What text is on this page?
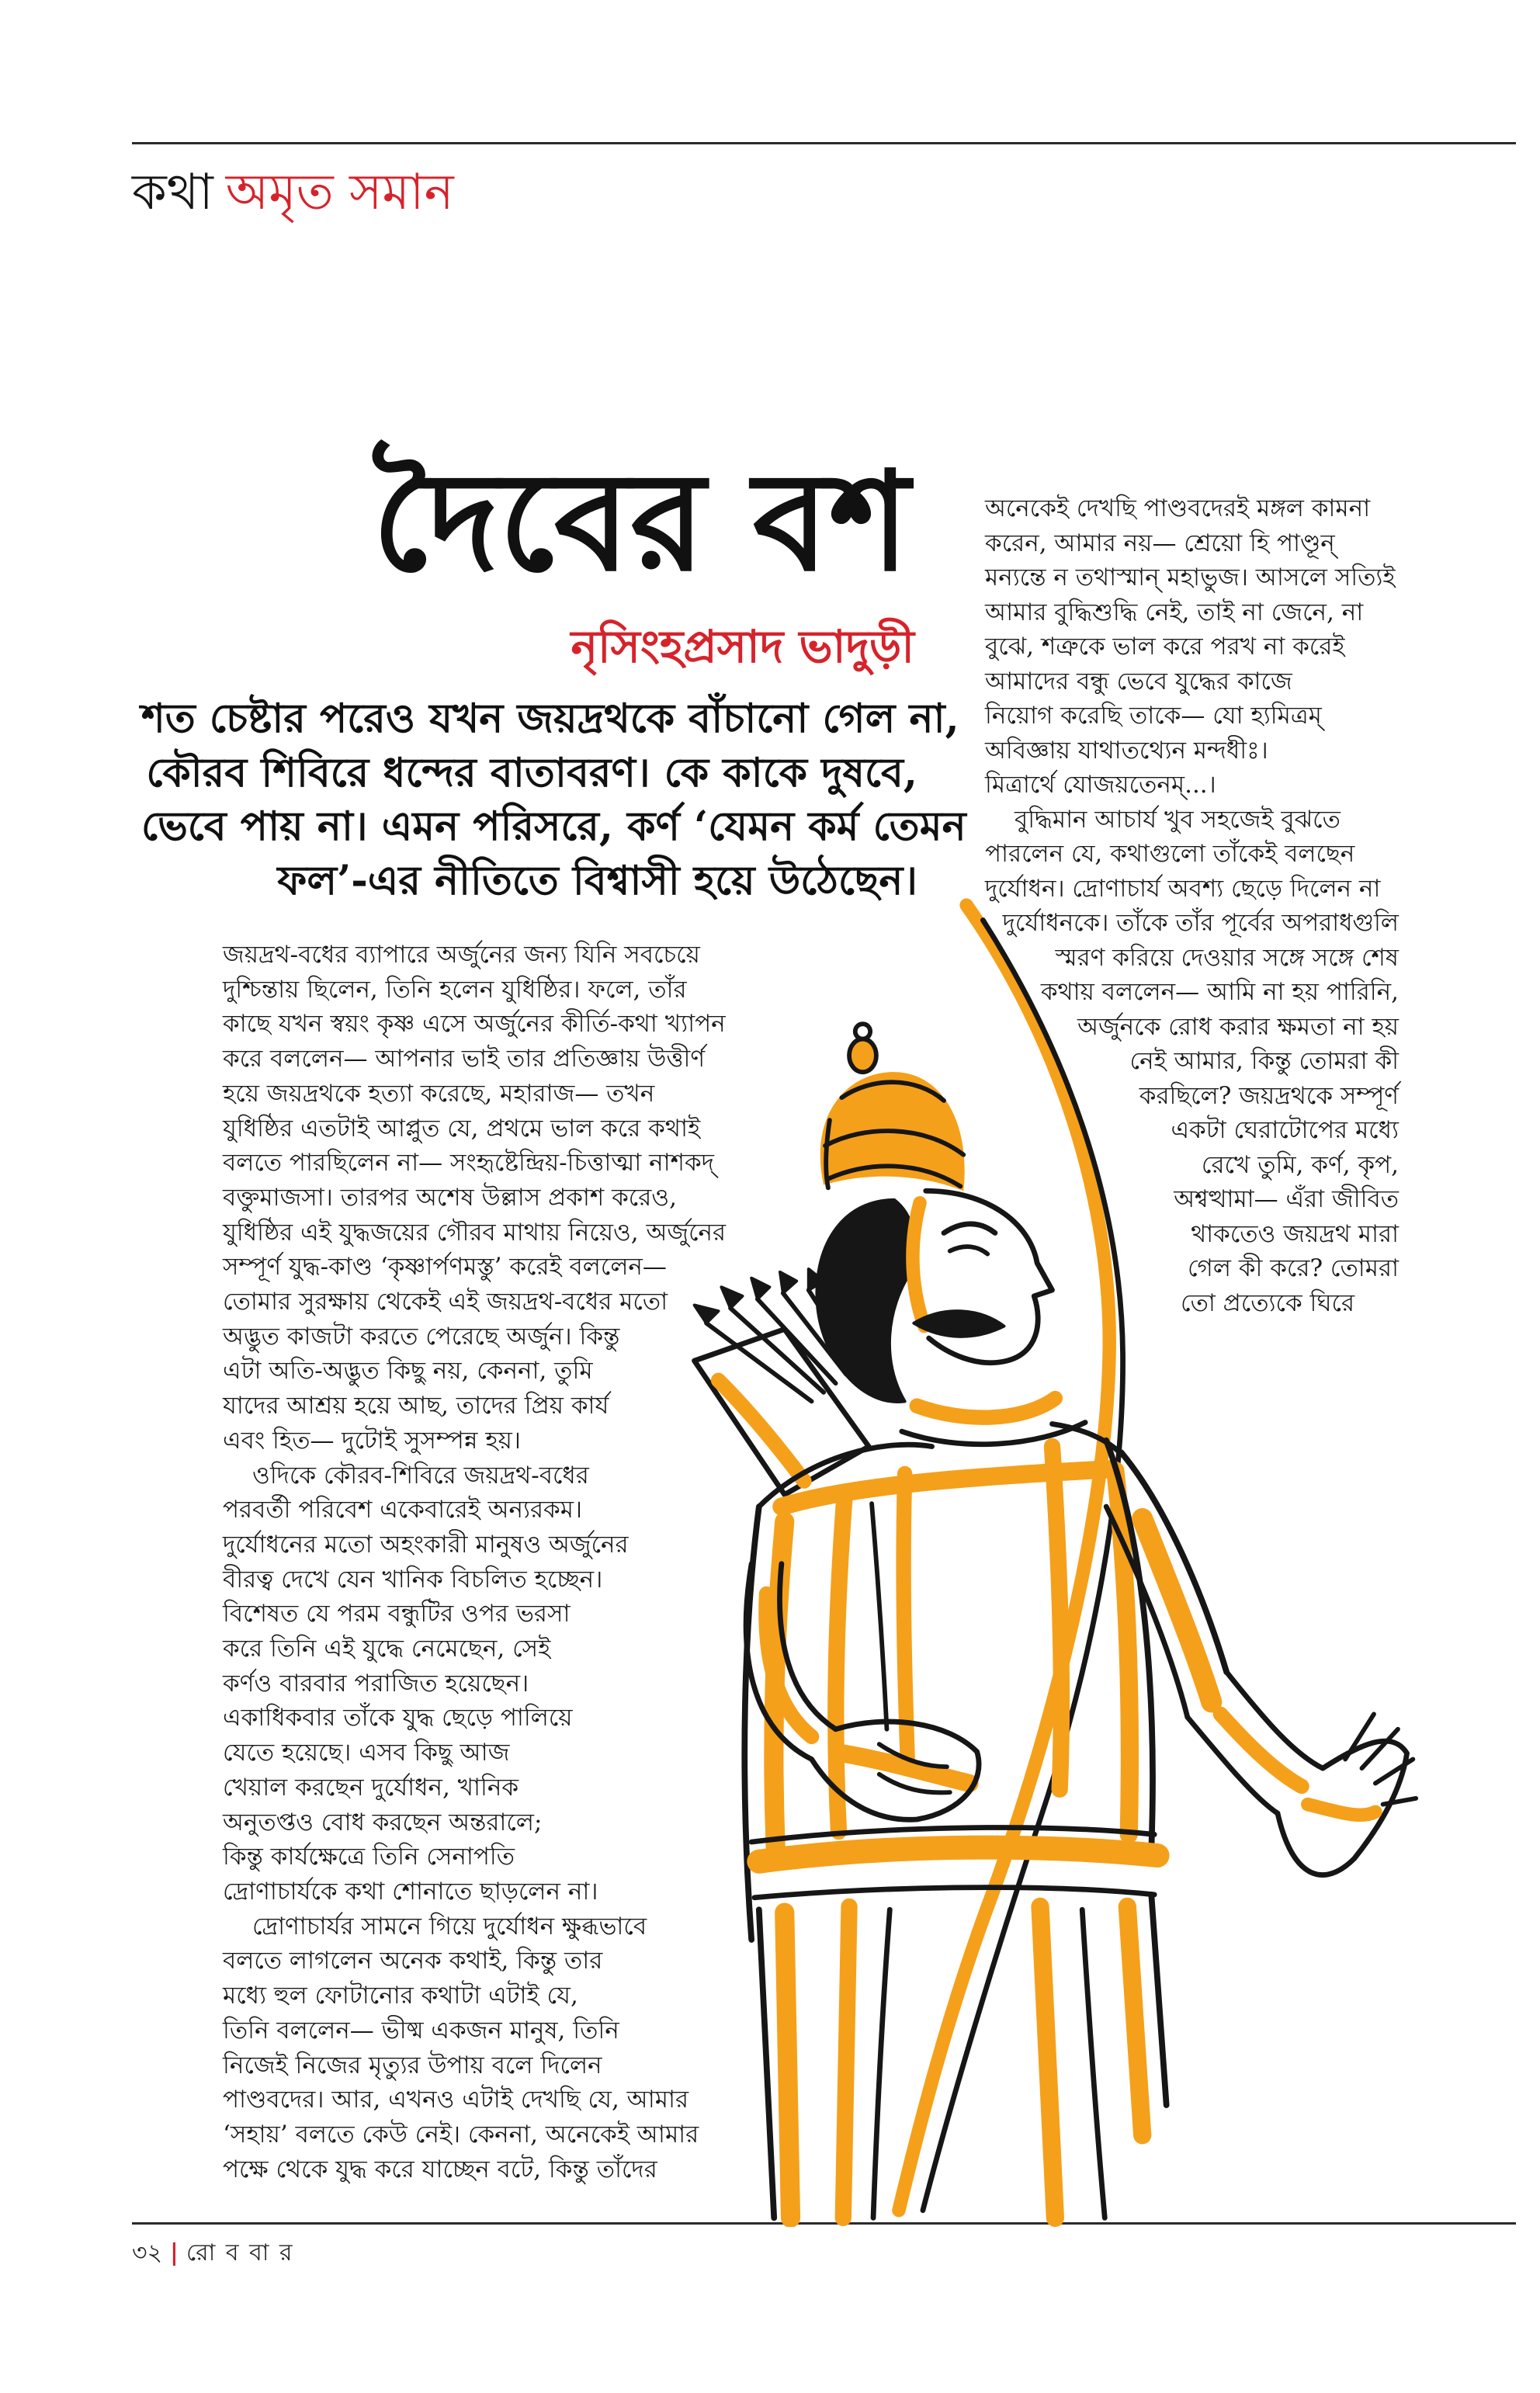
কথা অমৃত সমান
দৈবের বশ
নৃসিংহপ্রসাদ ভাদুড়ী
শত চেষ্টার পরেও যখন জয়দ্রথকে বাঁচানো গেল না,
কৌরব শিবিরে ধন্দের বাতাবরণ। কে কাকে দুষবে,
ভেবে পায় না। এমন পরিসরে, কর্ণ ‘যেমন কর্ম তেমন
ফল’-এর নীতিতে বিশ্বাসী হয়ে উঠেছেন।
জয়দ্রথ-বধের ব্যাপারে অর্জুনের জন্য যিনি সবচেয়ে
দুশ্চিন্তায় ছিলেন, তিনি হলেন যুধিষ্ঠির। ফলে, তাঁর
কাছে যখন স্বয়ং কৃষ্ণ এসে অর্জুনের কীর্তি-কথা খ্যাপন
করে বললেন— আপনার ভাই তার প্রতিজ্ঞায় উত্তীর্ণ
হয়ে জয়দ্রথকে হত্যা করেছে, মহারাজ— তখন
যুধিষ্ঠির এতটাই আপ্লুত যে, প্রথমে ভাল করে কথাই
বলতে পারছিলেন না— সংহৃষ্টেন্দ্রিয়-চিত্তাত্মা নাশকদ্
বক্তুমাজসা। তারপর অশেষ উল্লাস প্রকাশ করেও,
যুধিষ্ঠির এই যুদ্ধজয়ের গৌরব মাথায় নিয়েও, অর্জুনের
সম্পূর্ণ যুদ্ধ-কাণ্ড ‘কৃষ্ণার্পণমস্তু’ করেই বললেন—
তোমার সুরক্ষায় থেকেই এই জয়দ্রথ-বধের মতো
অদ্ভুত কাজটা করতে পেরেছে অর্জুন। কিন্তু
এটা অতি-অদ্ভুত কিছু নয়, কেননা, তুমি
যাদের আশ্রয় হয়ে আছ, তাদের প্রিয় কার্য
এবং হিত— দুটোই সুসম্পন্ন হয়।
ওদিকে কৌরব-শিবিরে জয়দ্রথ-বধের
পরবর্তী পরিবেশ একেবারেই অন্যরকম।
দুর্যোধনের মতো অহংকারী মানুষও অর্জুনের
বীরত্ব দেখে যেন খানিক বিচলিত হচ্ছেন।
বিশেষত যে পরম বন্ধুটির ওপর ভরসা
করে তিনি এই যুদ্ধে নেমেছেন, সেই
কর্ণও বারবার পরাজিত হয়েছেন।
একাধিকবার তাঁকে যুদ্ধ ছেড়ে পালিয়ে
যেতে হয়েছে। এসব কিছু আজ
খেয়াল করছেন দুর্যোধন, খানিক
অনুতপ্তও বোধ করছেন অন্তরালে;
কিন্তু কার্যক্ষেত্রে তিনি সেনাপতি
দ্রোণাচার্যকে কথা শোনাতে ছাড়লেন না।
দ্রোণাচার্যর সামনে গিয়ে দুর্যোধন ক্ষুব্ধভাবে
বলতে লাগলেন অনেক কথাই, কিন্তু তার
মধ্যে হুল ফোটানোর কথাটা এটাই যে,
তিনি বললেন— ভীষ্ম একজন মানুষ, তিনি
নিজেই নিজের মৃত্যুর উপায় বলে দিলেন
পাণ্ডবদের। আর, এখনও এটাই দেখছি যে, আমার
‘সহায়’ বলতে কেউ নেই। কেননা, অনেকেই আমার
পক্ষে থেকে যুদ্ধ করে যাচ্ছেন বটে, কিন্তু তাঁদের
অনেকেই দেখছি পাণ্ডবদেরই মঙ্গল কামনা
করেন, আমার নয়— শ্রেয়ো হি পাণ্ডূন্
মন্যন্তে ন তথাস্মান্ মহাভুজ। আসলে সত্যিই
আমার বুদ্ধিশুদ্ধি নেই, তাই না জেনে, না
বুঝে, শত্রুকে ভাল করে পরখ না করেই
আমাদের বন্ধু ভেবে যুদ্ধের কাজে
নিয়োগ করেছি তাকে— যো হ্যমিত্রম্
অবিজ্ঞায় যাথাতথ্যেন মন্দধীঃ।
মিত্রার্থে যোজয়তেনম্...।
বুদ্ধিমান আচার্য খুব সহজেই বুঝতে
পারলেন যে, কথাগুলো তাঁকেই বলছেন
দুর্যোধন। দ্রোণাচার্য অবশ্য ছেড়ে দিলেন না
দুর্যোধনকে। তাঁকে তাঁর পূর্বের অপরাধগুলি
স্মরণ করিয়ে দেওয়ার সঙ্গে সঙ্গে শেষ
কথায় বললেন— আমি না হয় পারিনি,
অর্জুনকে রোধ করার ক্ষমতা না হয়
নেই আমার, কিন্তু তোমরা কী
করছিলে? জয়দ্রথকে সম্পূর্ণ
একটা ঘেরাটোপের মধ্যে
রেখে তুমি, কর্ণ, কৃপ,
অশ্বত্থামা— এঁরা জীবিত
থাকতেও জয়দ্রথ মারা
গেল কী করে? তোমরা
তো প্রত্যেকে ঘিরে
৩২ | রো ব বা র
